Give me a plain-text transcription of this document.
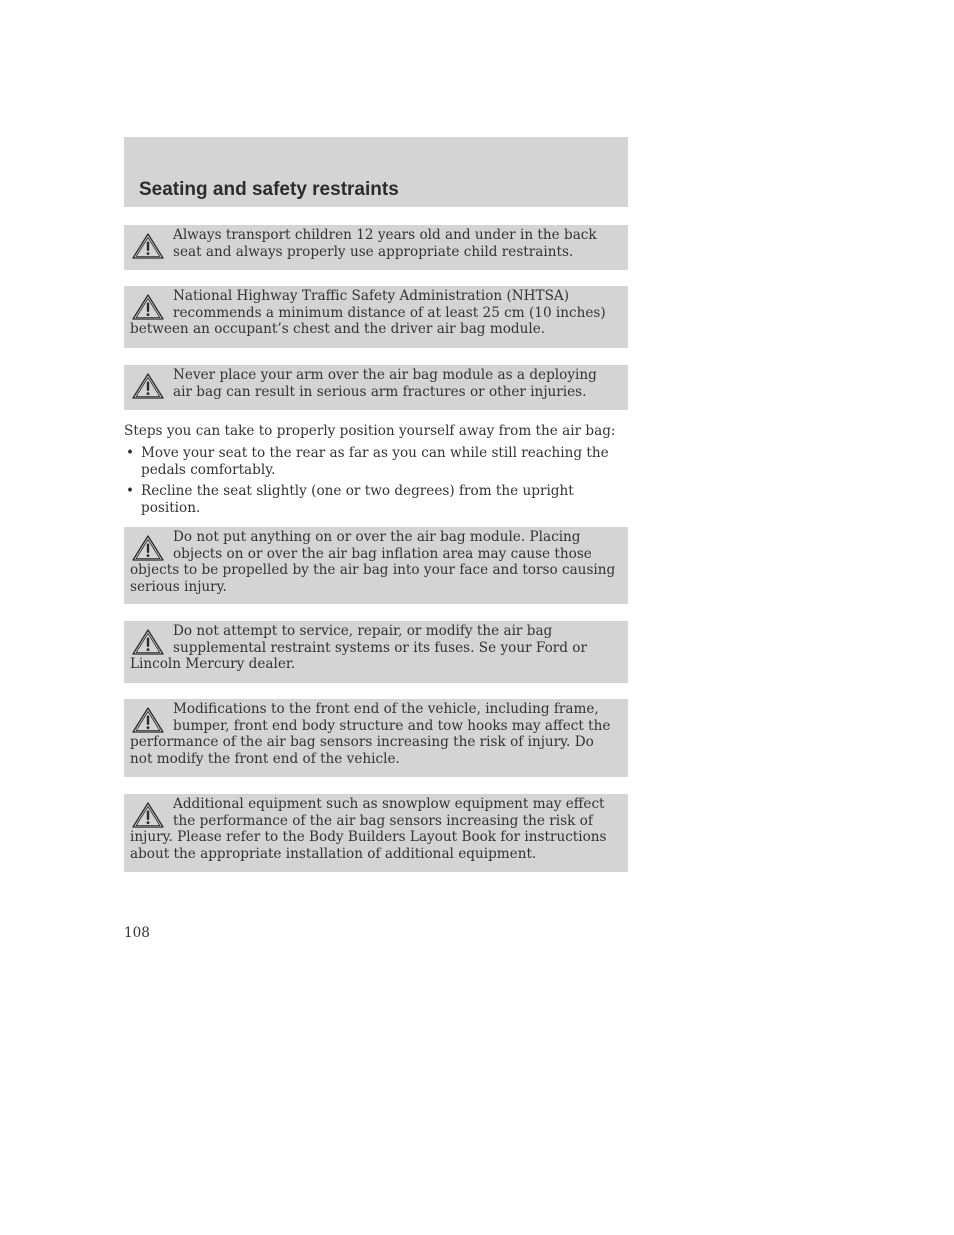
Seating and safety restraints

Always transport children 12 years old and under in the back seat and always properly use appropriate child restraints.

National Highway Traffic Safety Administration (NHTSA) recommends a minimum distance of at least 25 cm (10 inches) between an occupant’s chest and the driver air bag module.

Never place your arm over the air bag module as a deploying air bag can result in serious arm fractures or other injuries.

Steps you can take to properly position yourself away from the air bag:

• Move your seat to the rear as far as you can while still reaching the pedals comfortably.
• Recline the seat slightly (one or two degrees) from the upright position.

Do not put anything on or over the air bag module. Placing objects on or over the air bag inflation area may cause those objects to be propelled by the air bag into your face and torso causing serious injury.

Do not attempt to service, repair, or modify the air bag supplemental restraint systems or its fuses. Se your Ford or Lincoln Mercury dealer.

Modifications to the front end of the vehicle, including frame, bumper, front end body structure and tow hooks may affect the performance of the air bag sensors increasing the risk of injury. Do not modify the front end of the vehicle.

Additional equipment such as snowplow equipment may effect the performance of the air bag sensors increasing the risk of injury. Please refer to the Body Builders Layout Book for instructions about the appropriate installation of additional equipment.

108
